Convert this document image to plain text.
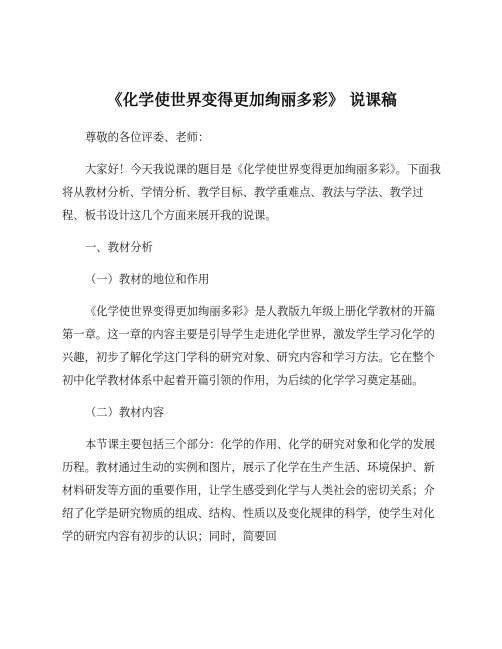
《化学使世界变得更加绚丽多彩》 说课稿

尊敬的各位评委、老师：

大家好！今天我说课的题目是《化学使世界变得更加绚丽多彩》。下面我将从教材分析、学情分析、教学目标、教学重难点、教法与学法、教学过程、板书设计这几个方面来展开我的说课。

一、教材分析

（一）教材的地位和作用

《化学使世界变得更加绚丽多彩》是人教版九年级上册化学教材的开篇第一章。这一章的内容主要是引导学生走进化学世界，激发学生学习化学的兴趣，初步了解化学这门学科的研究对象、研究内容和学习方法。它在整个初中化学教材体系中起着开篇引领的作用，为后续的化学学习奠定基础。

（二）教材内容

本节课主要包括三个部分：化学的作用、化学的研究对象和化学的发展历程。教材通过生动的实例和图片，展示了化学在生产生活、环境保护、新材料研发等方面的重要作用，让学生感受到化学与人类社会的密切关系；介绍了化学是研究物质的组成、结构、性质以及变化规律的科学，使学生对化学的研究内容有初步的认识；同时，简要回
